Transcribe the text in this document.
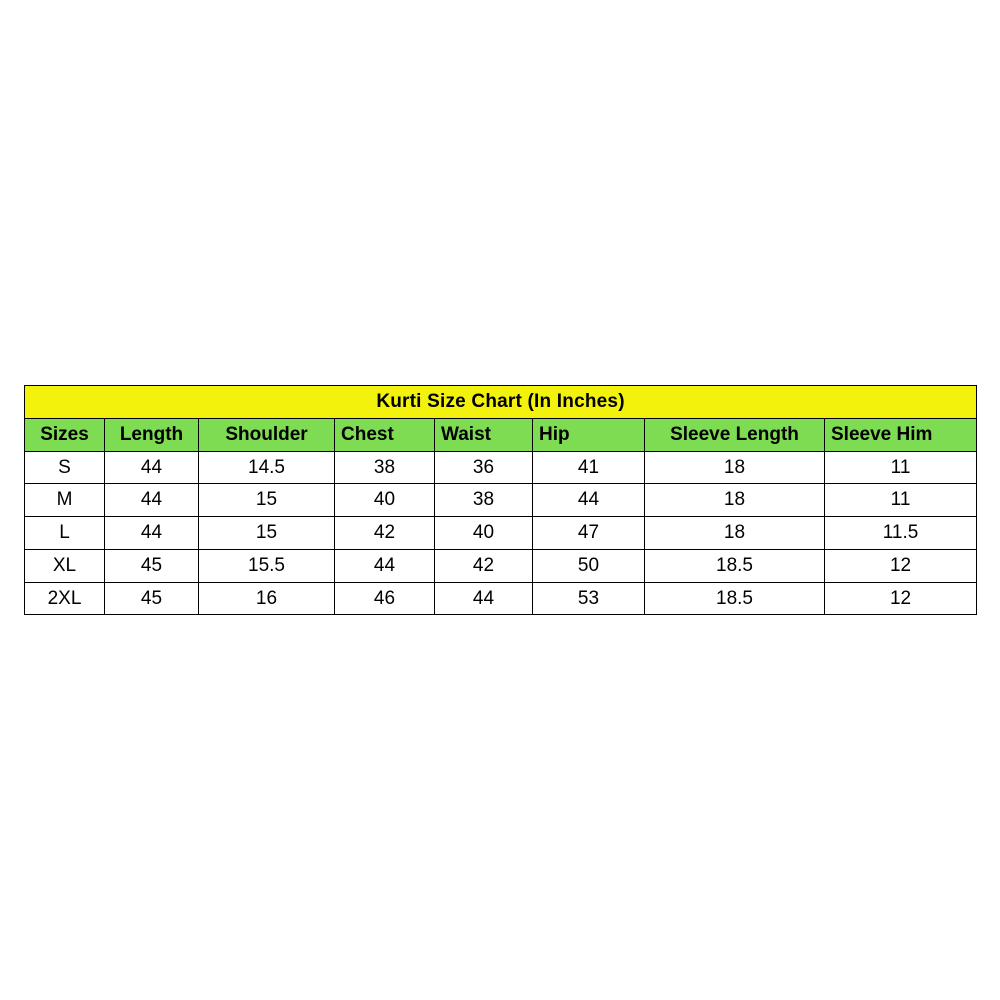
Kurti Size Chart (In Inches)							
Sizes	Length	Shoulder	Chest	Waist	Hip	Sleeve Length	Sleeve Him
S	44	14.5	38	36	41	18	11
M	44	15	40	38	44	18	11
L	44	15	42	40	47	18	11.5
XL	45	15.5	44	42	50	18.5	12
2XL	45	16	46	44	53	18.5	12
